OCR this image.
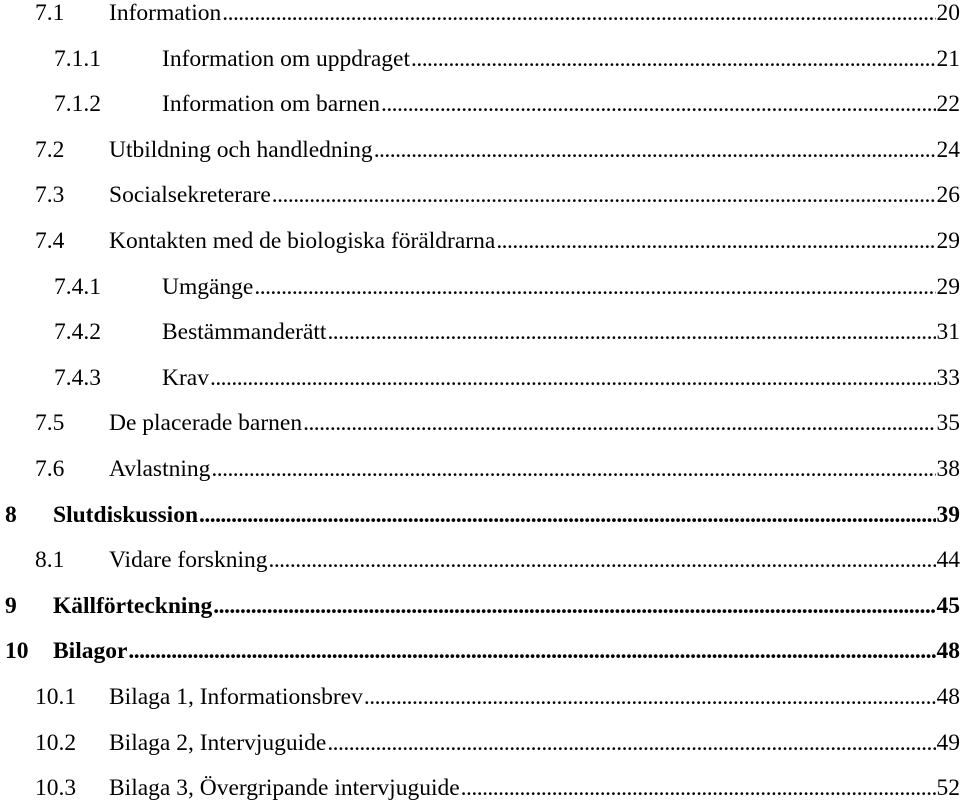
7.1	Information . . .	20
7.1.1	Information om uppdraget . . .	21
7.1.2	Information om barnen . . .	22
7.2	Utbildning och handledning . . .	24
7.3	Socialsekreterare . . .	26
7.4	Kontakten med de biologiska föräldrarna . . .	29
7.4.1	Umgänge . . .	29
7.4.2	Bestämmanderätt . . .	31
7.4.3	Krav . . .	33
7.5	De placerade barnen . . .	35
7.6	Avlastning . . .	38
8	Slutdiskussion . . .	39
8.1	Vidare forskning . . .	44
9	Källförteckning . . .	45
10	Bilagor . . .	48
10.1	Bilaga 1, Informationsbrev . . .	48
10.2	Bilaga 2, Intervjuguide . . .	49
10.3	Bilaga 3, Övergripande intervjuguide . . .	52
